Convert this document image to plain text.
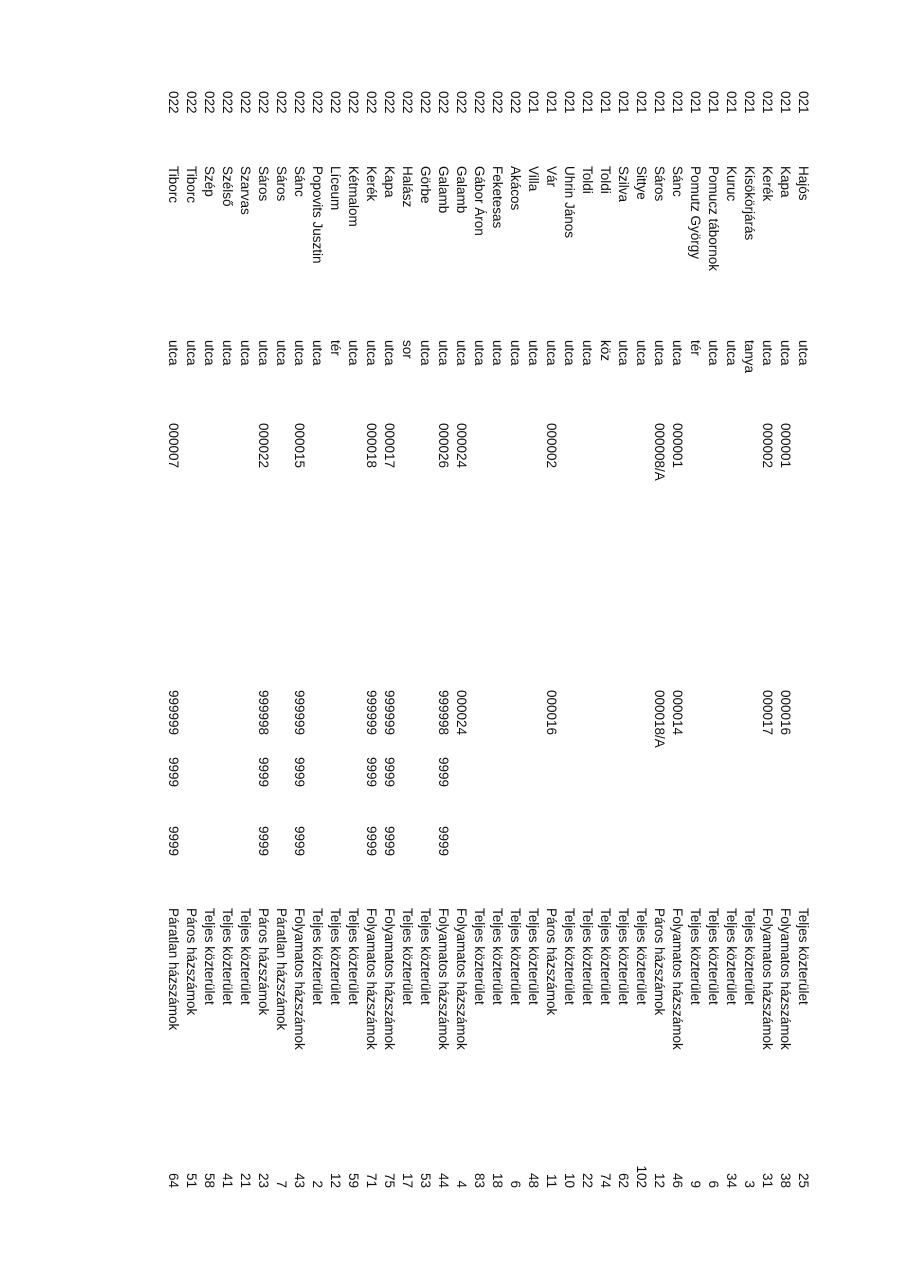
021
Hajós
utca
Teljes közterület
25
021
Kapa
utca
000001
000016
Folyamatos házszámok
38
021
Kerék
utca
000002
000017
Folyamatos házszámok
31
021
Kisökörjárás
tanya
Teljes közterület
3
021
Kuruc
utca
Teljes közterület
34
021
Pomucz tábornok
utca
Teljes közterület
6
021
Pomutz György
tér
Teljes közterület
9
021
Sánc
utca
000001
000014
Folyamatos házszámok
46
021
Sáros
utca
000008/A
000018/A
Páros házszámok
12
021
Sittye
utca
Teljes közterület
102
021
Szilva
utca
Teljes közterület
62
021
Toldi
köz
Teljes közterület
74
021
Toldi
utca
Teljes közterület
22
021
Uhrin János
utca
Teljes közterület
10
021
Vár
utca
000002
000016
Páros házszámok
11
021
Villa
utca
Teljes közterület
48
022
Akácos
utca
Teljes közterület
6
022
Feketesas
utca
Teljes közterület
18
022
Gábor Áron
utca
Teljes közterület
83
022
Galamb
utca
000024
000024
Folyamatos házszámok
4
022
Galamb
utca
000026
999998
9999
9999
Folyamatos házszámok
44
022
Görbe
utca
Teljes közterület
53
022
Halász
sor
Teljes közterület
17
022
Kapa
utca
000017
999999
9999
9999
Folyamatos házszámok
75
022
Kerék
utca
000018
999999
9999
9999
Folyamatos házszámok
71
022
Kétmalom
utca
Teljes közterület
59
022
Líceum
tér
Teljes közterület
12
022
Popovits Jusztin
utca
Teljes közterület
2
022
Sánc
utca
000015
999999
9999
9999
Folyamatos házszámok
43
022
Sáros
utca
Páratlan házszámok
7
022
Sáros
utca
000022
999998
9999
9999
Páros házszámok
23
022
Szarvas
utca
Teljes közterület
21
022
Szélső
utca
Teljes közterület
41
022
Szép
utca
Teljes közterület
58
022
Tiborc
utca
Páros házszámok
51
022
Tiborc
utca
000007
999999
9999
9999
Páratlan házszámok
64
